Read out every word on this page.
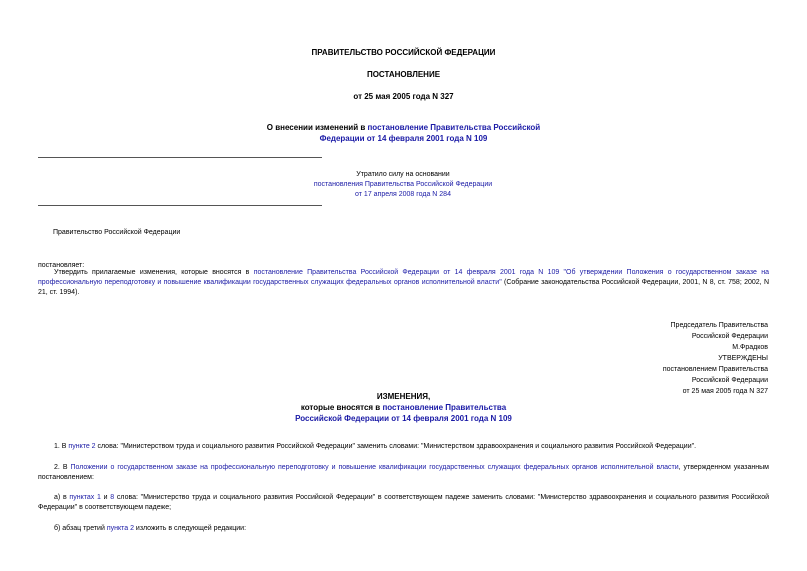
ПРАВИТЕЛЬСТВО РОССИЙСКОЙ ФЕДЕРАЦИИ
ПОСТАНОВЛЕНИЕ
от 25 мая 2005 года N 327
О внесении изменений в постановление Правительства Российской
Федерации от 14 февраля 2001 года N 109
Утратило силу на основании
постановления Правительства Российской Федерации
от 17 апреля 2008 года N 284
Правительство Российской Федерации
постановляет:
Утвердить прилагаемые изменения, которые вносятся в постановление Правительства Российской Федерации от 14 февраля 2001 года N 109 "Об утверждении Положения о государственном заказе на профессиональную переподготовку и повышение квалификации государственных служащих федеральных органов исполнительной власти" (Собрание законодательства Российской Федерации, 2001, N 8, ст. 758; 2002, N 21, ст. 1994).
Председатель Правительства
Российской Федерации
М.Фрадков
УТВЕРЖДЕНЫ
постановлением Правительства
Российской Федерации
от 25 мая 2005 года N 327
ИЗМЕНЕНИЯ,
которые вносятся в постановление Правительства
Российской Федерации от 14 февраля 2001 года N 109
1. В пункте 2 слова: "Министерством труда и социального развития Российской Федерации" заменить словами: "Министерством здравоохранения и социального развития Российской Федерации".
2. В Положении о государственном заказе на профессиональную переподготовку и повышение квалификации государственных служащих федеральных органов исполнительной власти, утвержденном указанным постановлением:
а) в пунктах 1 и 8 слова: "Министерство труда и социального развития Российской Федерации" в соответствующем падеже заменить словами: "Министерство здравоохранения и социального развития Российской Федерации" в соответствующем падеже;
б) абзац третий пункта 2 изложить в следующей редакции:
